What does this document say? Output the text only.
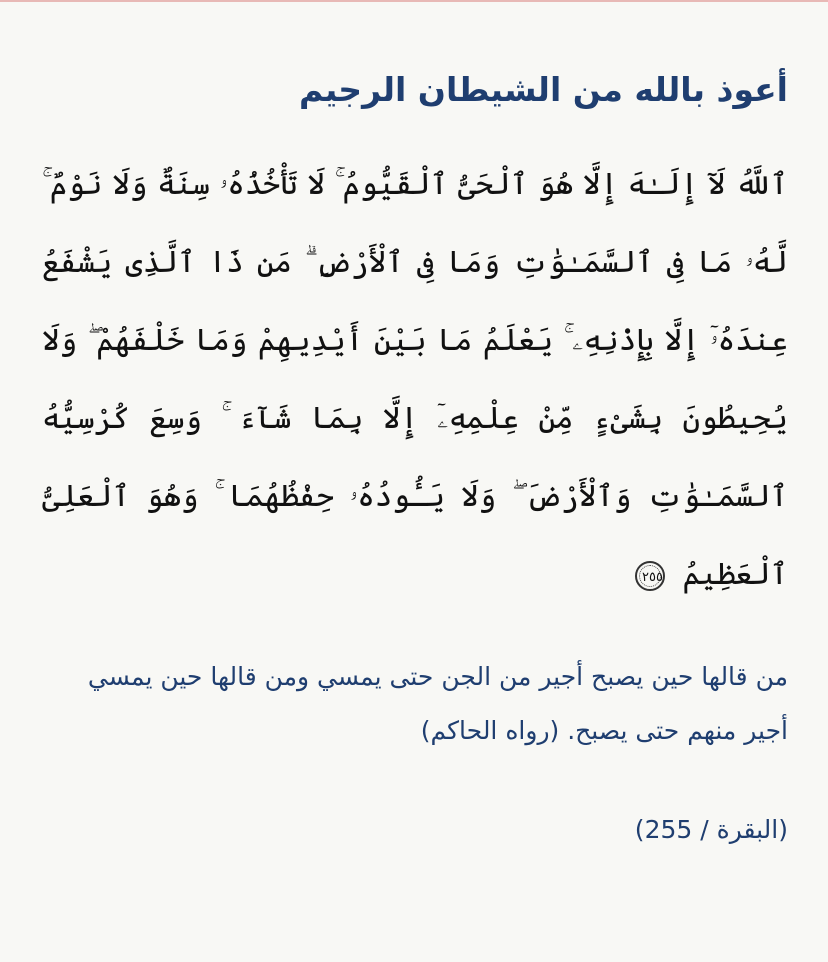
أعوذ بالله من الشيطان الرجيم
ٱللَّهُ لَآ إِلَـٰهَ إِلَّا هُوَ ٱلْحَىُّ ٱلْقَيُّومُ ۚ لَا تَأْخُذُهُۥ سِنَةٌ وَلَا نَوْمٌ ۚ لَّهُۥ مَا فِى ٱلسَّمَـٰوَٰتِ وَمَا فِى ٱلْأَرْضِ ۗ مَن ذَا ٱلَّذِى يَشْفَعُ عِندَهُۥٓ إِلَّا بِإِذْنِهِۦ ۚ يَعْلَمُ مَا بَيْنَ أَيْدِيهِمْ وَمَا خَلْفَهُمْ ۖ وَلَا يُحِيطُونَ بِشَىْءٍ مِّنْ عِلْمِهِۦٓ إِلَّا بِمَا شَآءَ ۚ وَسِعَ كُرْسِيُّهُ ٱلسَّمَـٰوَٰتِ وَٱلْأَرْضَ ۖ وَلَا يَـُٔودُهُۥ حِفْظُهُمَا ۚ وَهُوَ ٱلْعَلِىُّ ٱلْعَظِيمُ ٢٥٥
من قالها حين يصبح أجير من الجن حتى يمسي ومن قالها حين يمسي أجير منهم حتى يصبح. (رواه الحاكم)
(البقرة / 255)
